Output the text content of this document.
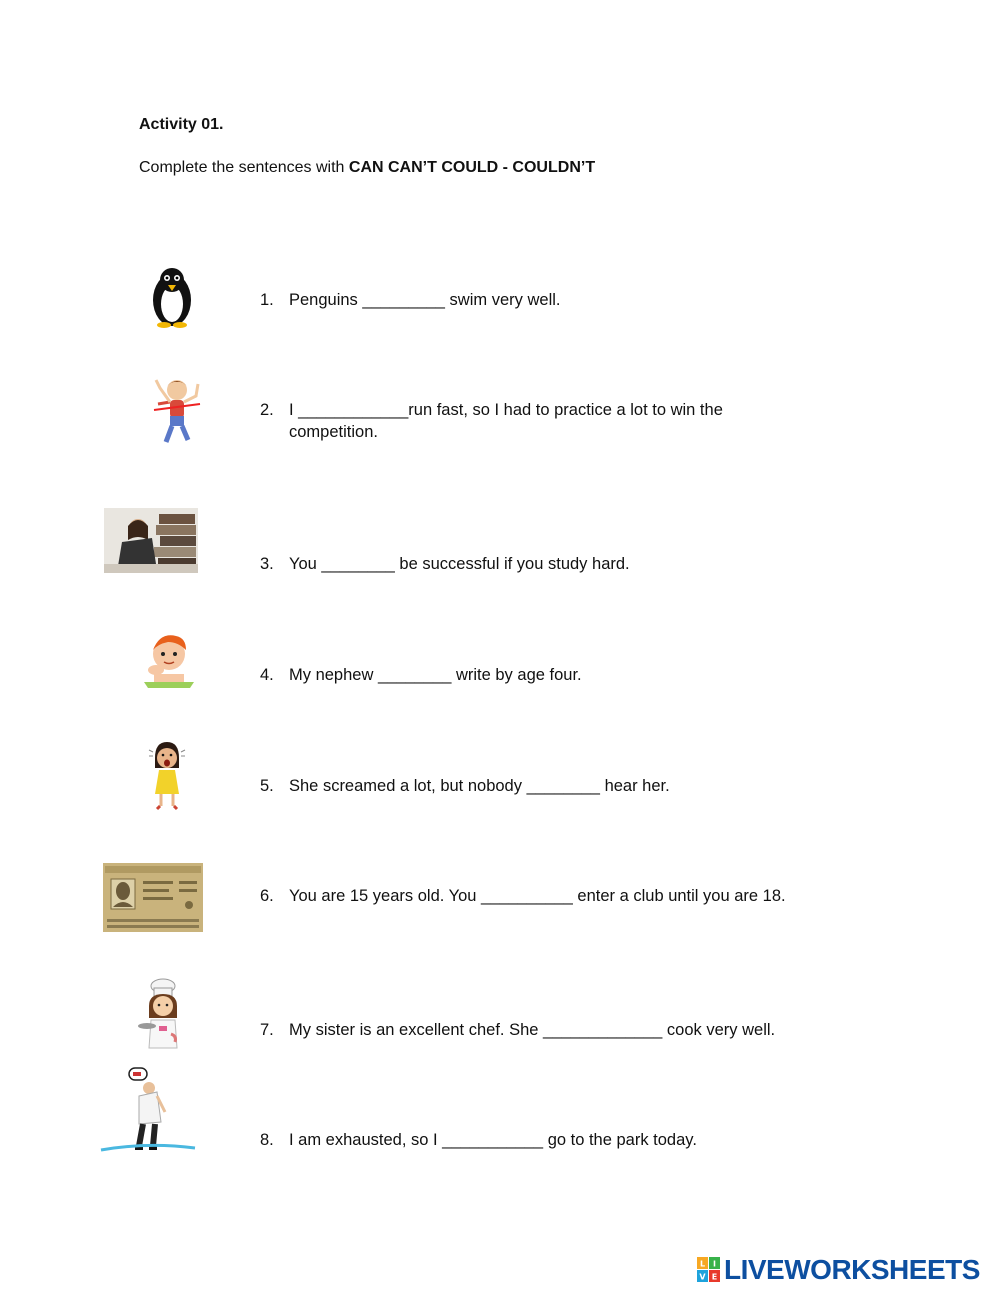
Activity 01.
Complete the sentences with CAN CAN’T COULD - COULDN’T
1. Penguins _________ swim very well.
2. I ____________run fast, so I had to practice a lot to win the competition.
3. You ________ be successful if you study hard.
4. My nephew ________ write by age four.
5. She screamed a lot, but nobody ________ hear her.
6. You are 15 years old. You __________ enter a club until you are 18.
7. My sister is an excellent chef. She _____________ cook very well.
8. I am exhausted, so I ___________ go to the park today.
L I
V E LIVEWORKSHEETS
